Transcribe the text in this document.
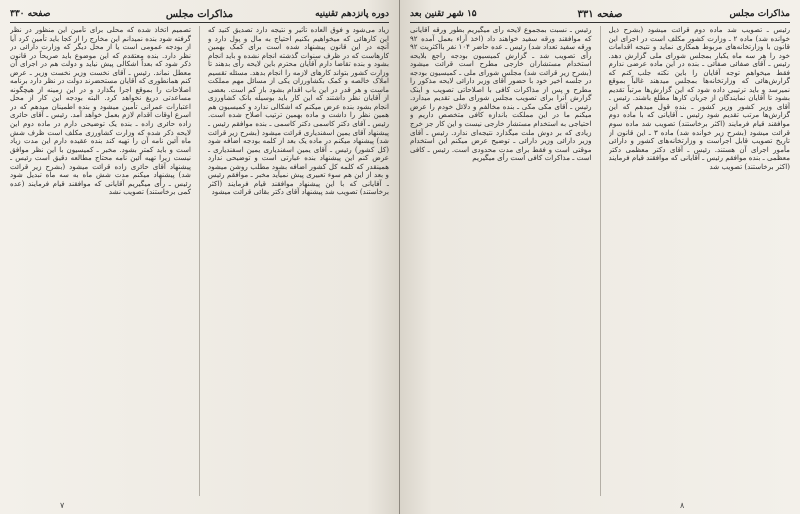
دوره پانزدهم تقنینیه
مذاکرات مجلس
صفحه ۳۳۰

تصمیم اتخاذ شده که محلی برای تأمین این منظور در نظر گرفته شود بنده نمیدانم این مخارج را از کجا باید تأمین کرد آیا از بودجه عمومی است یا از محل دیگر که وزارت دارائی در نظر دارد. بنده معتقدم که این موضوع باید صریحاً در قانون ذکر شود که بعداً اشکالی پیش نیاید و دولت هم در اجرای آن معطل نماند. رئیس ـ آقای نخست وزیر نخست وزیر ـ عرض کنم همانطوری که آقایان مستحضرند دولت در نظر دارد برنامه اصلاحات را بموقع اجرا بگذارد و در این زمینه از هیچگونه مساعدتی دریغ نخواهد کرد. البته بودجه این کار از محل اعتبارات عمرانی تأمین میشود و بنده اطمینان میدهم که در اسرع اوقات اقدام لازم بعمل خواهد آمد. رئیس ـ آقای حائری زاده حائری زاده ـ بنده یک توضیحی دارم در ماده دوم این لایحه ذکر شده که وزارت کشاورزی مکلف است ظرف شش ماه آئین نامه آن را تهیه کند بنده عقیده دارم این مدت زیاد است و باید کمتر بشود. مخبر ـ کمیسیون با این نظر موافق نیست زیرا تهیه آئین نامه محتاج مطالعه دقیق است رئیس ـ پیشنهاد آقای حائری زاده قرائت میشود (بشرح زیر قرائت شد) پیشنهاد میکنم مدت شش ماه به سه ماه تبدیل شود رئیس ـ رأی میگیریم آقایانی که موافقند قیام فرمایند (عده کمی برخاستند) تصویب نشد

زیاد می‌شود و فوق العاده تأثیر و نتیجه دارد تصدیق کنید که این کارهائی که میخواهیم بکنیم احتیاج به مال و پول دارد و آنچه در این قانون پیشنهاد شده است برای کمک بهمین کارهاست که در ظرف سنوات گذشته انجام نشده و باید انجام بشود و بنده تقاضا دارم آقایان محترم باین لایحه رأی بدهند تا وزارت کشور بتواند کارهای لازمه را انجام بدهد. مسئله تقسیم املاک خالصه و کمک بکشاورزان یکی از مسائل مهم مملکت ماست و هر قدر در این باب اقدام بشود باز کم است. بعضی از آقایان نظر داشتند که این کار باید بوسیله بانک کشاورزی انجام بشود بنده عرض میکنم که اشکالی ندارد و کمیسیون هم همین نظر را داشت و ماده بهمین ترتیب اصلاح شده است. رئیس ـ آقای دکتر کاسمی دکتر کاسمی ـ بنده موافقم رئیس ـ پیشنهاد آقای یمین اسفندیاری قرائت میشود (بشرح زیر قرائت شد) پیشنهاد میکنم در ماده یک بعد از کلمه بودجه اضافه شود (کل کشور) رئیس ـ آقای یمین اسفندیاری یمین اسفندیاری ـ عرض کنم این پیشنهاد بنده عبارتی است و توضیحی ندارد همینقدر که کلمه کل کشور اضافه بشود مطلب روشن میشود و بعد از این هم سوء تعبیری پیش نمیآید مخبر ـ موافقم رئیس ـ آقایانی که با این پیشنهاد موافقند قیام فرمایند (اکثر برخاستند) تصویب شد پیشنهاد آقای دکتر بقائی قرائت میشود

۷
مذاکرات مجلس
صفحه ۳۳۱
۱۵ شهر تقنین بعد

رئیس ـ نسبت بمجموع لایحه رأی میگیریم بطور ورقه آقایانی که موافقند ورقه سفید خواهند داد (اخذ آراء بعمل آمده ۹۲ ورقه سفید تعداد شد) رئیس ـ عده حاضر ۱۰۴ نفر بااکثریت ۹۲ رأی تصویب شد ـ گزارش کمیسیون بودجه راجع بلایحه استخدام مستشاران خارجی مطرح است قرائت میشود (بشرح زیر قرائت شد) مجلس شورای ملی ـ کمیسیون بودجه در جلسه اخیر خود با حضور آقای وزیر دارائی لایحه مذکور را مطرح و پس از مذاکرات کافی با اصلاحاتی تصویب و اینک گزارش آنرا برای تصویب مجلس شورای ملی تقدیم میدارد. رئیس ـ آقای مکی مکی ـ بنده مخالفم و دلائل خودم را عرض میکنم ما در این مملکت باندازه کافی متخصص داریم و احتیاجی به استخدام مستشار خارجی نیست و این کار جز خرج زیادی که بر دوش ملت میگذارد نتیجه‌ای ندارد. رئیس ـ آقای وزیر دارائی وزیر دارائی ـ توضیح عرض میکنم این استخدام موقتی است و فقط برای مدت محدودی است. رئیس ـ کافی است ـ مذاکرات کافی است رأی میگیریم

رئیس ـ تصویب شد ماده دوم قرائت میشود (بشرح ذیل خوانده شد) ماده ۲ ـ وزارت کشور مکلف است در اجرای این قانون با وزارتخانه‌های مربوط همکاری نماید و نتیجه اقدامات خود را هر سه ماه یکبار بمجلس شورای ملی گزارش دهد. رئیس ـ آقای صفائی صفائی ـ بنده در این ماده عرضی ندارم فقط میخواهم توجه آقایان را باین نکته جلب کنم که گزارش‌هائی که وزارتخانه‌ها بمجلس میدهند غالباً بموقع نمیرسد و باید ترتیبی داده شود که این گزارش‌ها مرتباً تقدیم بشود تا آقایان نمایندگان از جریان کارها مطلع باشند. رئیس ـ آقای وزیر کشور وزیر کشور ـ بنده قول میدهم که این گزارش‌ها مرتب تقدیم شود رئیس ـ آقایانی که با ماده دوم موافقند قیام فرمایند (اکثر برخاستند) تصویب شد ماده سوم قرائت میشود (بشرح زیر خوانده شد) ماده ۳ ـ این قانون از تاریخ تصویب قابل اجراست و وزارتخانه‌های کشور و دارائی مأمور اجرای آن هستند. رئیس ـ آقای دکتر معظمی دکتر معظمی ـ بنده موافقم رئیس ـ آقایانی که موافقند قیام فرمایند (اکثر برخاستند) تصویب شد

۸
